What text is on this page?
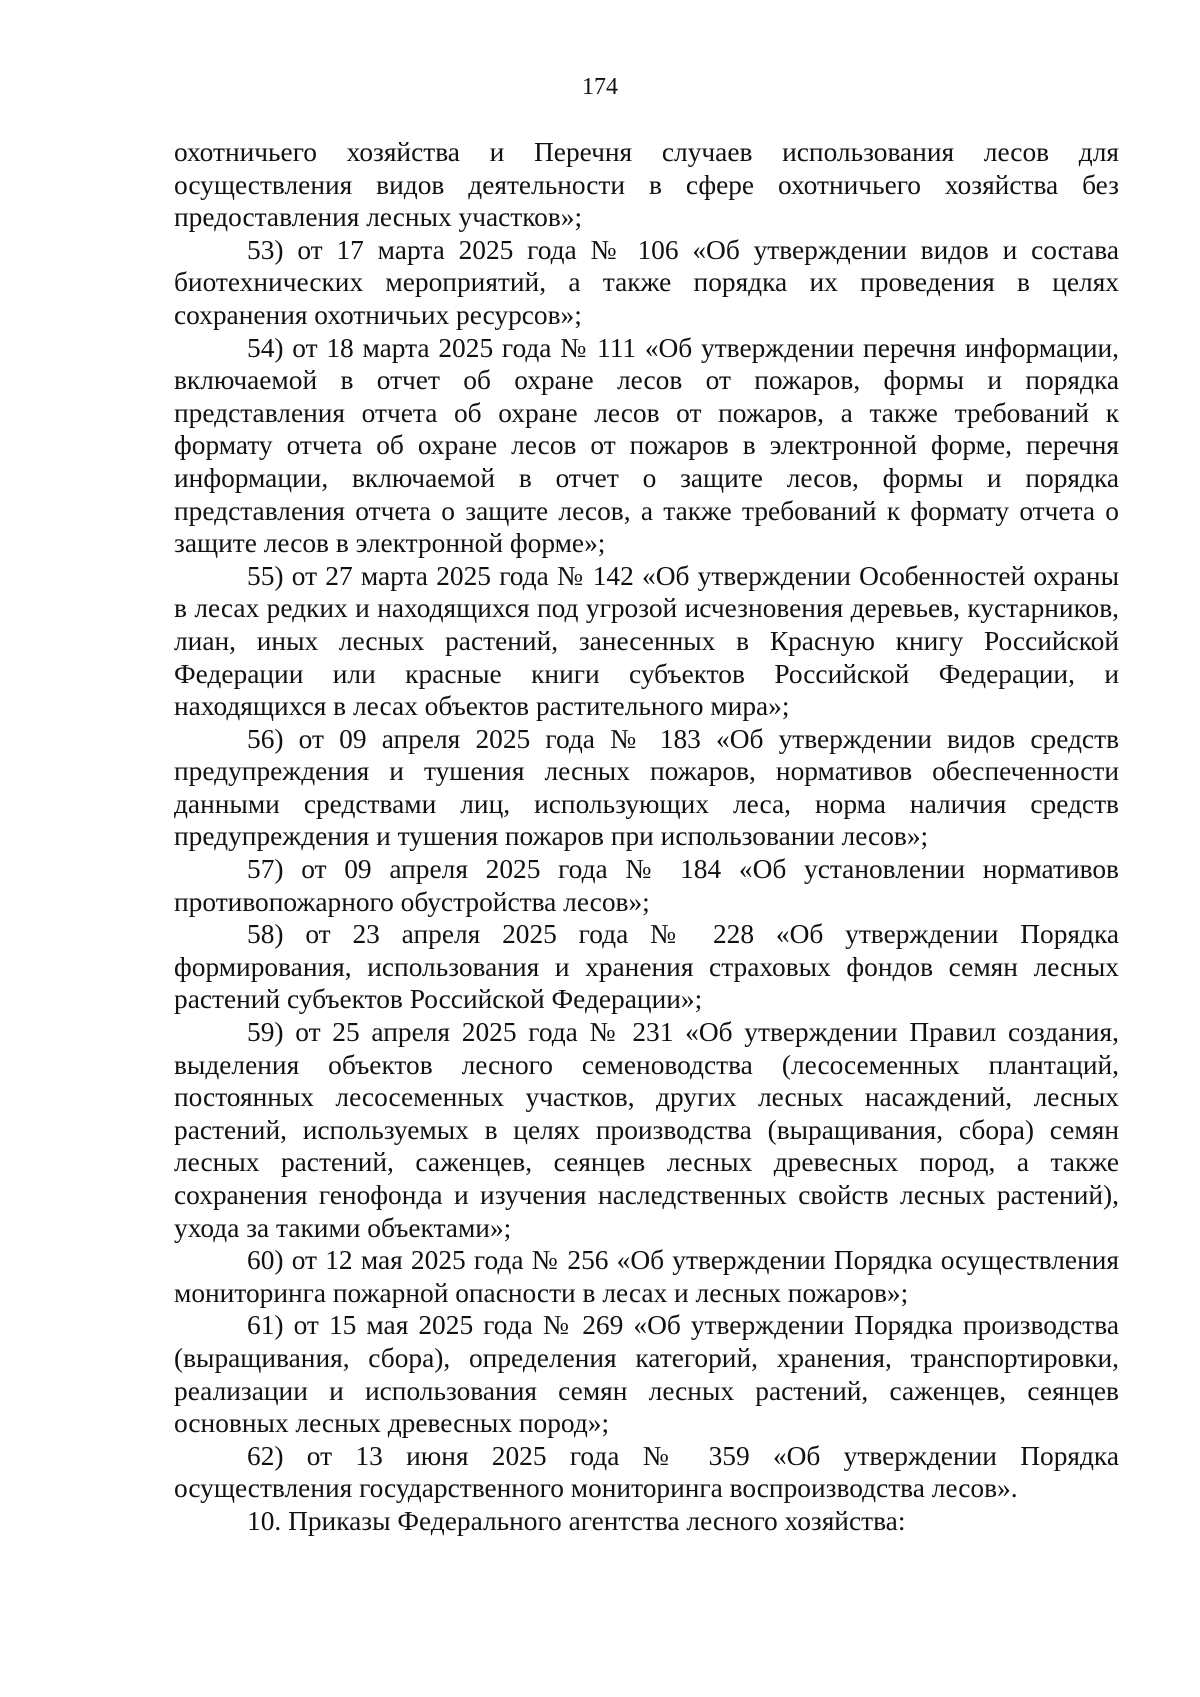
174

охотничьего хозяйства и Перечня случаев использования лесов для осуществления видов деятельности в сфере охотничьего хозяйства без предоставления лесных участков»;

53) от 17 марта 2025 года № 106 «Об утверждении видов и состава биотехнических мероприятий, а также порядка их проведения в целях сохранения охотничьих ресурсов»;

54) от 18 марта 2025 года № 111 «Об утверждении перечня информации, включаемой в отчет об охране лесов от пожаров, формы и порядка представления отчета об охране лесов от пожаров, а также требований к формату отчета об охране лесов от пожаров в электронной форме, перечня информации, включаемой в отчет о защите лесов, формы и порядка представления отчета о защите лесов, а также требований к формату отчета о защите лесов в электронной форме»;

55) от 27 марта 2025 года № 142 «Об утверждении Особенностей охраны в лесах редких и находящихся под угрозой исчезновения деревьев, кустарников, лиан, иных лесных растений, занесенных в Красную книгу Российской Федерации или красные книги субъектов Российской Федерации, и находящихся в лесах объектов растительного мира»;

56) от 09 апреля 2025 года № 183 «Об утверждении видов средств предупреждения и тушения лесных пожаров, нормативов обеспеченности данными средствами лиц, использующих леса, норма наличия средств предупреждения и тушения пожаров при использовании лесов»;

57) от 09 апреля 2025 года № 184 «Об установлении нормативов противопожарного обустройства лесов»;

58) от 23 апреля 2025 года № 228 «Об утверждении Порядка формирования, использования и хранения страховых фондов семян лесных растений субъектов Российской Федерации»;

59) от 25 апреля 2025 года № 231 «Об утверждении Правил создания, выделения объектов лесного семеноводства (лесосеменных плантаций, постоянных лесосеменных участков, других лесных насаждений, лесных растений, используемых в целях производства (выращивания, сбора) семян лесных растений, саженцев, сеянцев лесных древесных пород, а также сохранения генофонда и изучения наследственных свойств лесных растений), ухода за такими объектами»;

60) от 12 мая 2025 года № 256 «Об утверждении Порядка осуществления мониторинга пожарной опасности в лесах и лесных пожаров»;

61) от 15 мая 2025 года № 269 «Об утверждении Порядка производства (выращивания, сбора), определения категорий, хранения, транспортировки, реализации и использования семян лесных растений, саженцев, сеянцев основных лесных древесных пород»;

62) от 13 июня 2025 года № 359 «Об утверждении Порядка осуществления государственного мониторинга воспроизводства лесов».

10. Приказы Федерального агентства лесного хозяйства:
